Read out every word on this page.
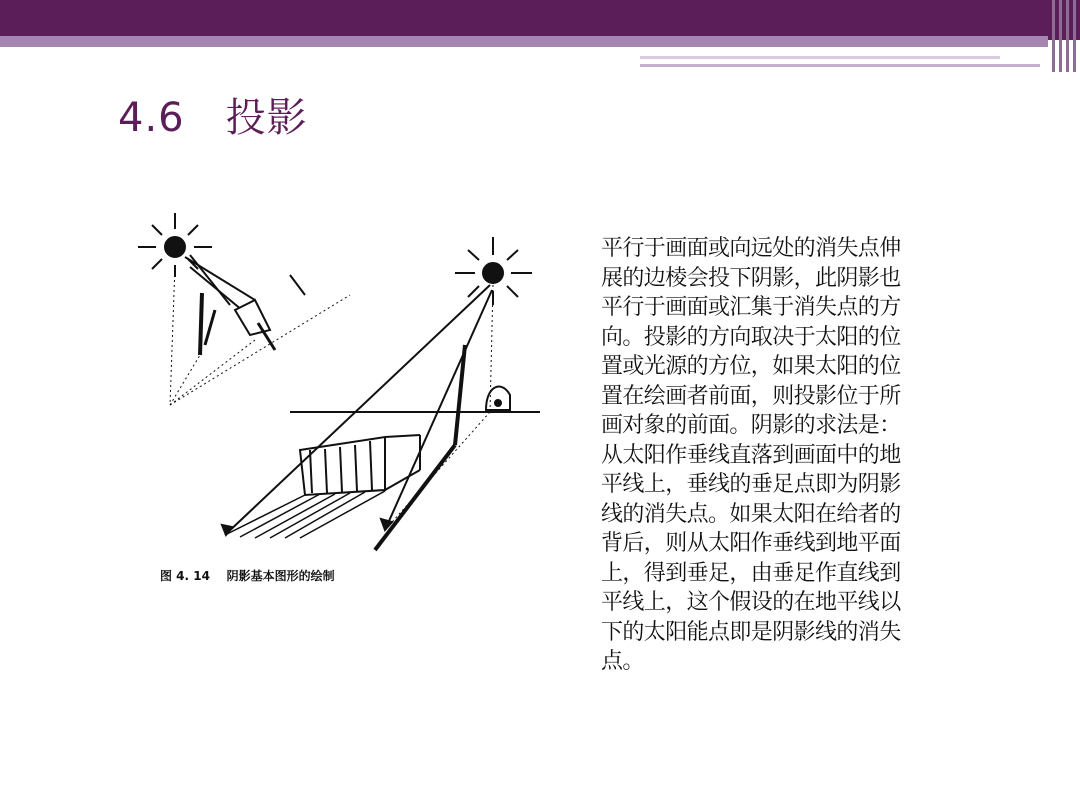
4.6　投影
图 4. 14    阴影基本图形的绘制
平行于画面或向远处的消失点伸
展的边棱会投下阴影，此阴影也
平行于画面或汇集于消失点的方
向。投影的方向取决于太阳的位
置或光源的方位，如果太阳的位
置在绘画者前面，则投影位于所
画对象的前面。阴影的求法是：
从太阳作垂线直落到画面中的地
平线上，垂线的垂足点即为阴影
线的消失点。如果太阳在给者的
背后，则从太阳作垂线到地平面
上，得到垂足，由垂足作直线到
平线上，这个假设的在地平线以
下的太阳能点即是阴影线的消失
点。
